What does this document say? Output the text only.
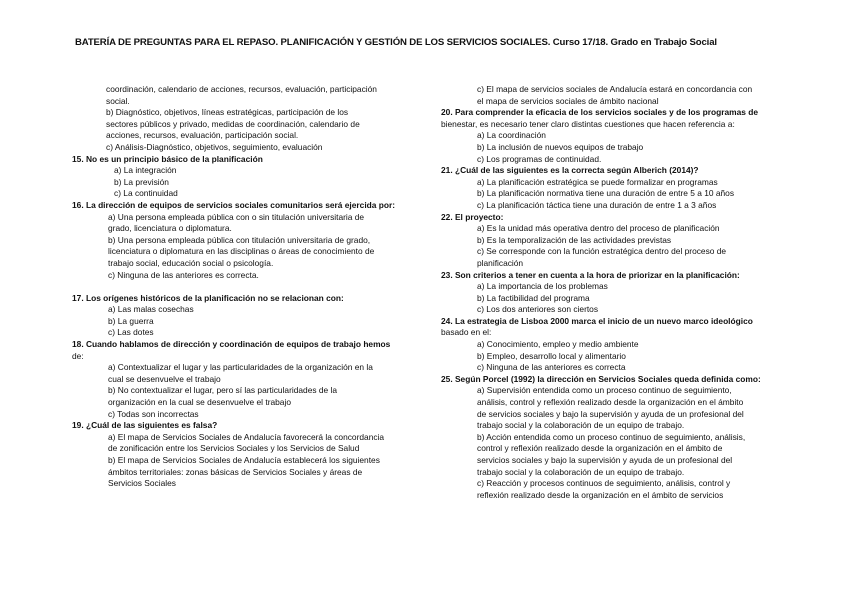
BATERÍA DE PREGUNTAS PARA EL REPASO. PLANIFICACIÓN Y GESTIÓN DE LOS SERVICIOS SOCIALES. Curso 17/18. Grado en Trabajo Social
coordinación, calendario de acciones, recursos, evaluación, participación
social.
b) Diagnóstico, objetivos, líneas estratégicas, participación de los
sectores públicos y privado, medidas de coordinación, calendario de
acciones, recursos, evaluación, participación social.
c) Análisis-Diagnóstico, objetivos, seguimiento, evaluación
15. No es un principio básico de la planificación
a) La integración
b) La previsión
c) La continuidad
16. La dirección de equipos de servicios sociales comunitarios será ejercida por:
a) Una persona empleada pública con o sin titulación universitaria de
grado, licenciatura o diplomatura.
b) Una persona empleada pública con titulación universitaria de grado,
licenciatura o diplomatura en las disciplinas o áreas de conocimiento de
trabajo social, educación social o psicología.
c) Ninguna de las anteriores es correcta.
17. Los orígenes históricos de la planificación no se relacionan con:
a) Las malas cosechas
b) La guerra
c) Las dotes
18. Cuando hablamos de dirección y coordinación de equipos de trabajo hemos
de:
a) Contextualizar el lugar y las particularidades de la organización en la
cual se desenvuelve el trabajo
b) No contextualizar el lugar, pero sí las particularidades de la
organización en la cual se desenvuelve el trabajo
c) Todas son incorrectas
19. ¿Cuál de las siguientes es falsa?
a) El mapa de Servicios Sociales de Andalucía favorecerá la concordancia
de zonificación entre los Servicios Sociales y los Servicios de Salud
b) El mapa de Servicios Sociales de Andalucía establecerá los siguientes
ámbitos territoriales: zonas básicas de Servicios Sociales y áreas de
Servicios Sociales
c) El mapa de servicios sociales de Andalucía estará en concordancia con
el mapa de servicios sociales de ámbito nacional
20. Para comprender la eficacia de los servicios sociales y de los programas de
bienestar, es necesario tener claro distintas cuestiones que hacen referencia a:
a) La coordinación
b) La inclusión de nuevos equipos de trabajo
c) Los programas de continuidad.
21. ¿Cuál de las siguientes es la correcta según Alberich (2014)?
a) La planificación estratégica se puede formalizar en programas
b) La planificación normativa tiene una duración de entre 5 a 10 años
c) La planificación táctica tiene una duración de entre 1 a 3 años
22. El proyecto:
a) Es la unidad más operativa dentro del proceso de planificación
b) Es la temporalización de las actividades previstas
c) Se corresponde con la función estratégica dentro del proceso de
planificación
23. Son criterios a tener en cuenta a la hora de priorizar en la planificación:
a) La importancia de los problemas
b) La factibilidad del programa
c) Los dos anteriores son ciertos
24. La estrategia de Lisboa 2000 marca el inicio de un nuevo marco ideológico
basado en el:
a) Conocimiento, empleo y medio ambiente
b) Empleo, desarrollo local y alimentario
c) Ninguna de las anteriores es correcta
25. Según Porcel (1992) la dirección en Servicios Sociales queda definida como:
a) Supervisión entendida como un proceso continuo de seguimiento,
análisis, control y reflexión realizado desde la organización en el ámbito
de servicios sociales y bajo la supervisión y ayuda de un profesional del
trabajo social y la colaboración de un equipo de trabajo.
b) Acción entendida como un proceso continuo de seguimiento, análisis,
control y reflexión realizado desde la organización en el ámbito de
servicios sociales y bajo la supervisión y ayuda de un profesional del
trabajo social y la colaboración de un equipo de trabajo.
c) Reacción y procesos continuos de seguimiento, análisis, control y
reflexión realizado desde la organización en el ámbito de servicios
